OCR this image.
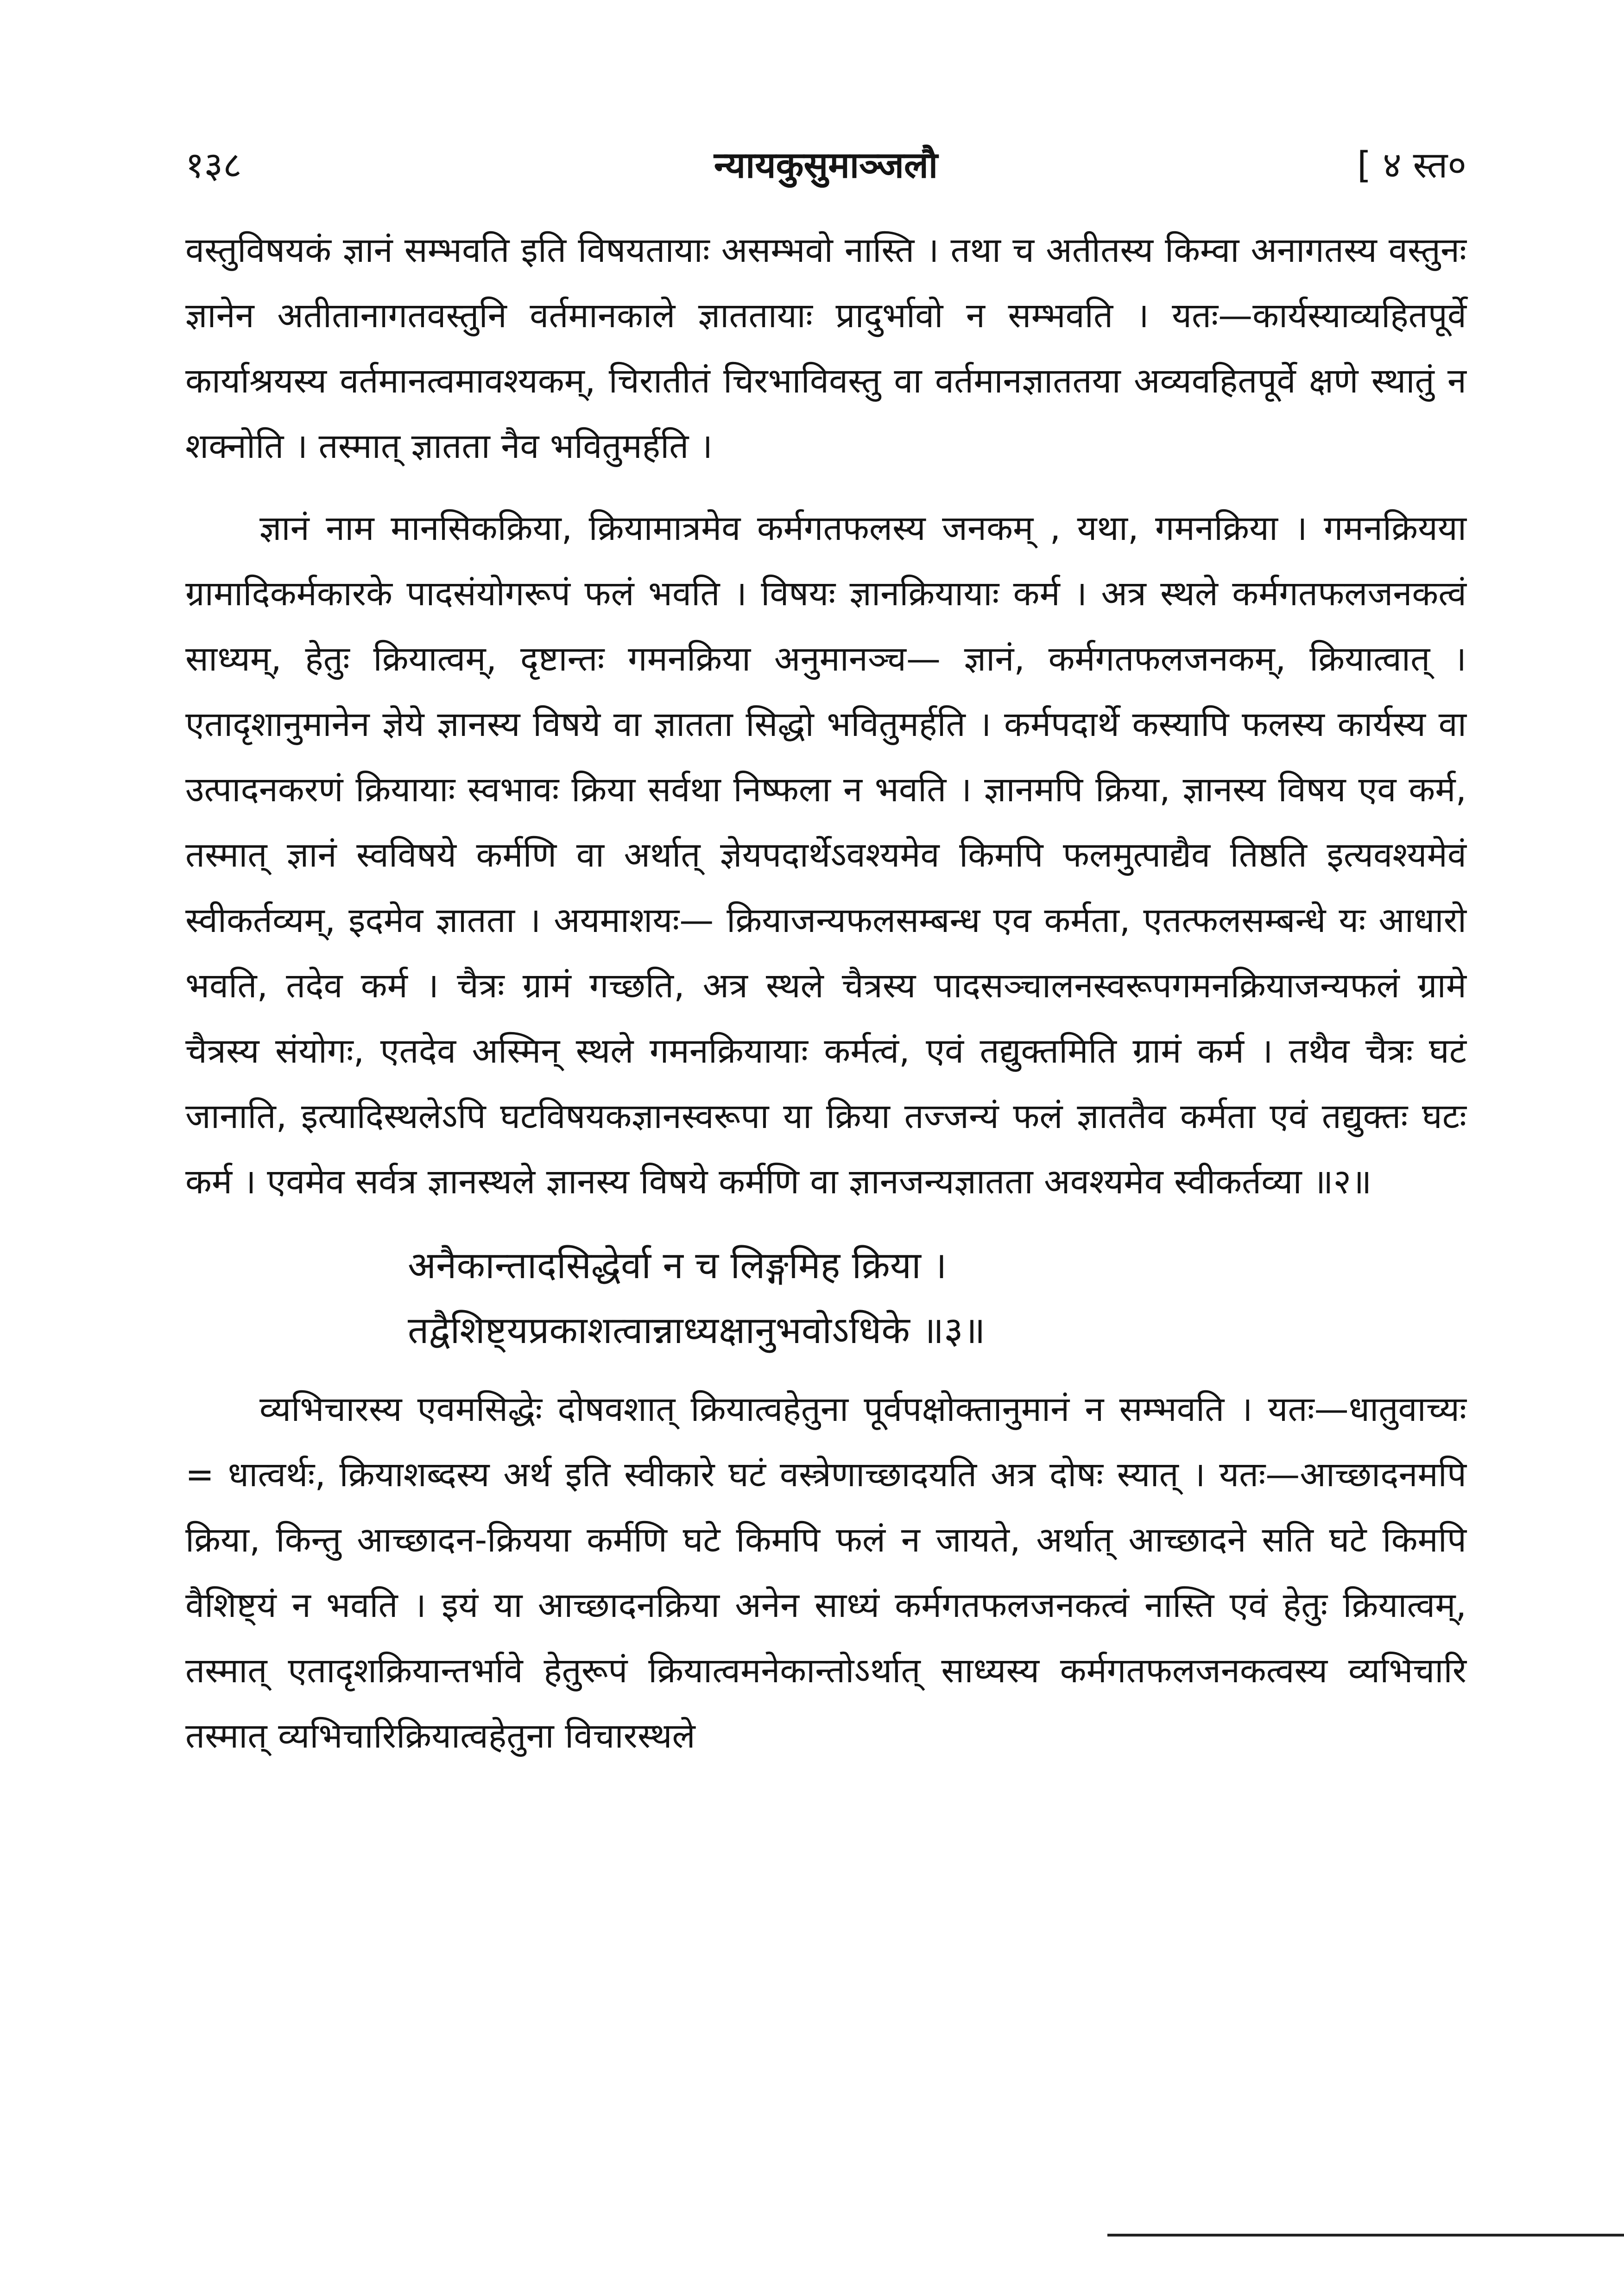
१३८	न्यायकुसुमाञ्जलौ	[ ४ स्त०

वस्तुविषयकं ज्ञानं सम्भवति इति विषयतायाः असम्भवो नास्ति । तथा च अतीतस्य किम्वा अनागतस्य वस्तुनः ज्ञानेन अतीतानागतवस्तुनि वर्तमानकाले ज्ञाततायाः प्रादुर्भावो न सम्भवति । यतः—कार्यस्याव्यहितपूर्वे कार्याश्रयस्य वर्तमानत्वमावश्यकम्, चिरातीतं चिरभाविवस्तु वा वर्तमानज्ञाततया अव्यवहितपूर्वे क्षणे स्थातुं न शक्नोति । तस्मात् ज्ञातता नैव भवितुमर्हति ।

ज्ञानं नाम मानसिकक्रिया, क्रियामात्रमेव कर्मगतफलस्य जनकम् , यथा, गमनक्रिया । गमनक्रियया ग्रामादिकर्मकारके पादसंयोगरूपं फलं भवति । विषयः ज्ञानक्रियायाः कर्म । अत्र स्थले कर्मगतफलजनकत्वं साध्यम्, हेतुः क्रियात्वम्, दृष्टान्तः गमनक्रिया अनुमानञ्च— ज्ञानं, कर्मगतफलजनकम्, क्रियात्वात् । एतादृशानुमानेन ज्ञेये ज्ञानस्य विषये वा ज्ञातता सिद्धो भवितुमर्हति । कर्मपदार्थे कस्यापि फलस्य कार्यस्य वा उत्पादनकरणं क्रियायाः स्वभावः क्रिया सर्वथा निष्फला न भवति । ज्ञानमपि क्रिया, ज्ञानस्य विषय एव कर्म, तस्मात् ज्ञानं स्वविषये कर्मणि वा अर्थात् ज्ञेयपदार्थेऽवश्यमेव किमपि फलमुत्पाद्यैव तिष्ठति इत्यवश्यमेवं स्वीकर्तव्यम्, इदमेव ज्ञातता । अयमाशयः— क्रियाजन्यफलसम्बन्ध एव कर्मता, एतत्फलसम्बन्धे यः आधारो भवति, तदेव कर्म । चैत्रः ग्रामं गच्छति, अत्र स्थले चैत्रस्य पादसञ्चालनस्वरूपगमनक्रियाजन्यफलं ग्रामे चैत्रस्य संयोगः, एतदेव अस्मिन् स्थले गमनक्रियायाः कर्मत्वं, एवं तद्युक्तमिति ग्रामं कर्म । तथैव चैत्रः घटं जानाति, इत्यादिस्थलेऽपि घटविषयकज्ञानस्वरूपा या क्रिया तज्जन्यं फलं ज्ञाततैव कर्मता एवं तद्युक्तः घटः कर्म । एवमेव सर्वत्र ज्ञानस्थले ज्ञानस्य विषये कर्मणि वा ज्ञानजन्यज्ञातता अवश्यमेव स्वीकर्तव्या ॥२॥

अनैकान्तादसिद्धेर्वा न च लिङ्गमिह क्रिया ।
तद्वैशिष्ट्यप्रकाशत्वान्नाध्यक्षानुभवोऽधिके ॥३॥

व्यभिचारस्य एवमसिद्धेः दोषवशात् क्रियात्वहेतुना पूर्वपक्षोक्तानुमानं न सम्भवति । यतः—धातुवाच्यः = धात्वर्थः, क्रियाशब्दस्य अर्थ इति स्वीकारे घटं वस्त्रेणाच्छादयति अत्र दोषः स्यात् । यतः—आच्छादनमपि क्रिया, किन्तु आच्छादन-क्रियया कर्मणि घटे किमपि फलं न जायते, अर्थात् आच्छादने सति घटे किमपि वैशिष्ट्यं न भवति । इयं या आच्छादनक्रिया अनेन साध्यं कर्मगतफलजनकत्वं नास्ति एवं हेतुः क्रियात्वम्, तस्मात् एतादृशक्रियान्तर्भावे हेतुरूपं क्रियात्वमनेकान्तोऽर्थात् साध्यस्य कर्मगतफलजनकत्वस्य व्यभिचारि तस्मात् व्यभिचारिक्रियात्वहेतुना विचारस्थले
